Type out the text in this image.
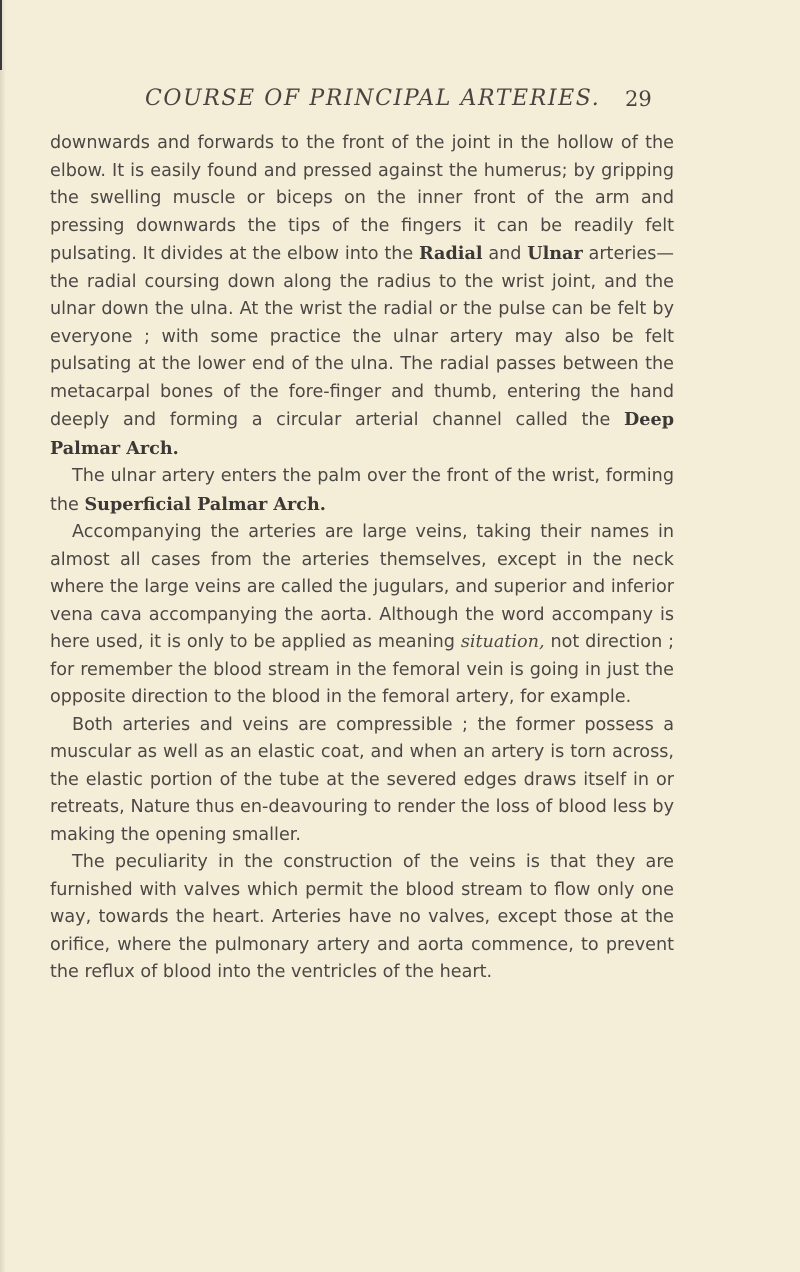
COURSE OF PRINCIPAL ARTERIES. 29

downwards and forwards to the front of the joint in the hollow of the elbow. It is easily found and pressed against the humerus; by gripping the swelling muscle or biceps on the inner front of the arm and pressing downwards the tips of the fingers it can be readily felt pulsating. It divides at the elbow into the Radial and Ulnar arteries—the radial coursing down along the radius to the wrist joint, and the ulnar down the ulna. At the wrist the radial or the pulse can be felt by everyone ; with some practice the ulnar artery may also be felt pulsating at the lower end of the ulna. The radial passes between the metacarpal bones of the fore-finger and thumb, entering the hand deeply and forming a circular arterial channel called the Deep Palmar Arch.

The ulnar artery enters the palm over the front of the wrist, forming the Superficial Palmar Arch.

Accompanying the arteries are large veins, taking their names in almost all cases from the arteries themselves, except in the neck where the large veins are called the jugulars, and superior and inferior vena cava accompanying the aorta. Although the word accompany is here used, it is only to be applied as meaning situation, not direction ; for remember the blood stream in the femoral vein is going in just the opposite direction to the blood in the femoral artery, for example.

Both arteries and veins are compressible ; the former possess a muscular as well as an elastic coat, and when an artery is torn across, the elastic portion of the tube at the severed edges draws itself in or retreats, Nature thus en-deavouring to render the loss of blood less by making the opening smaller.

The peculiarity in the construction of the veins is that they are furnished with valves which permit the blood stream to flow only one way, towards the heart. Arteries have no valves, except those at the orifice, where the pulmonary artery and aorta commence, to prevent the reflux of blood into the ventricles of the heart.
